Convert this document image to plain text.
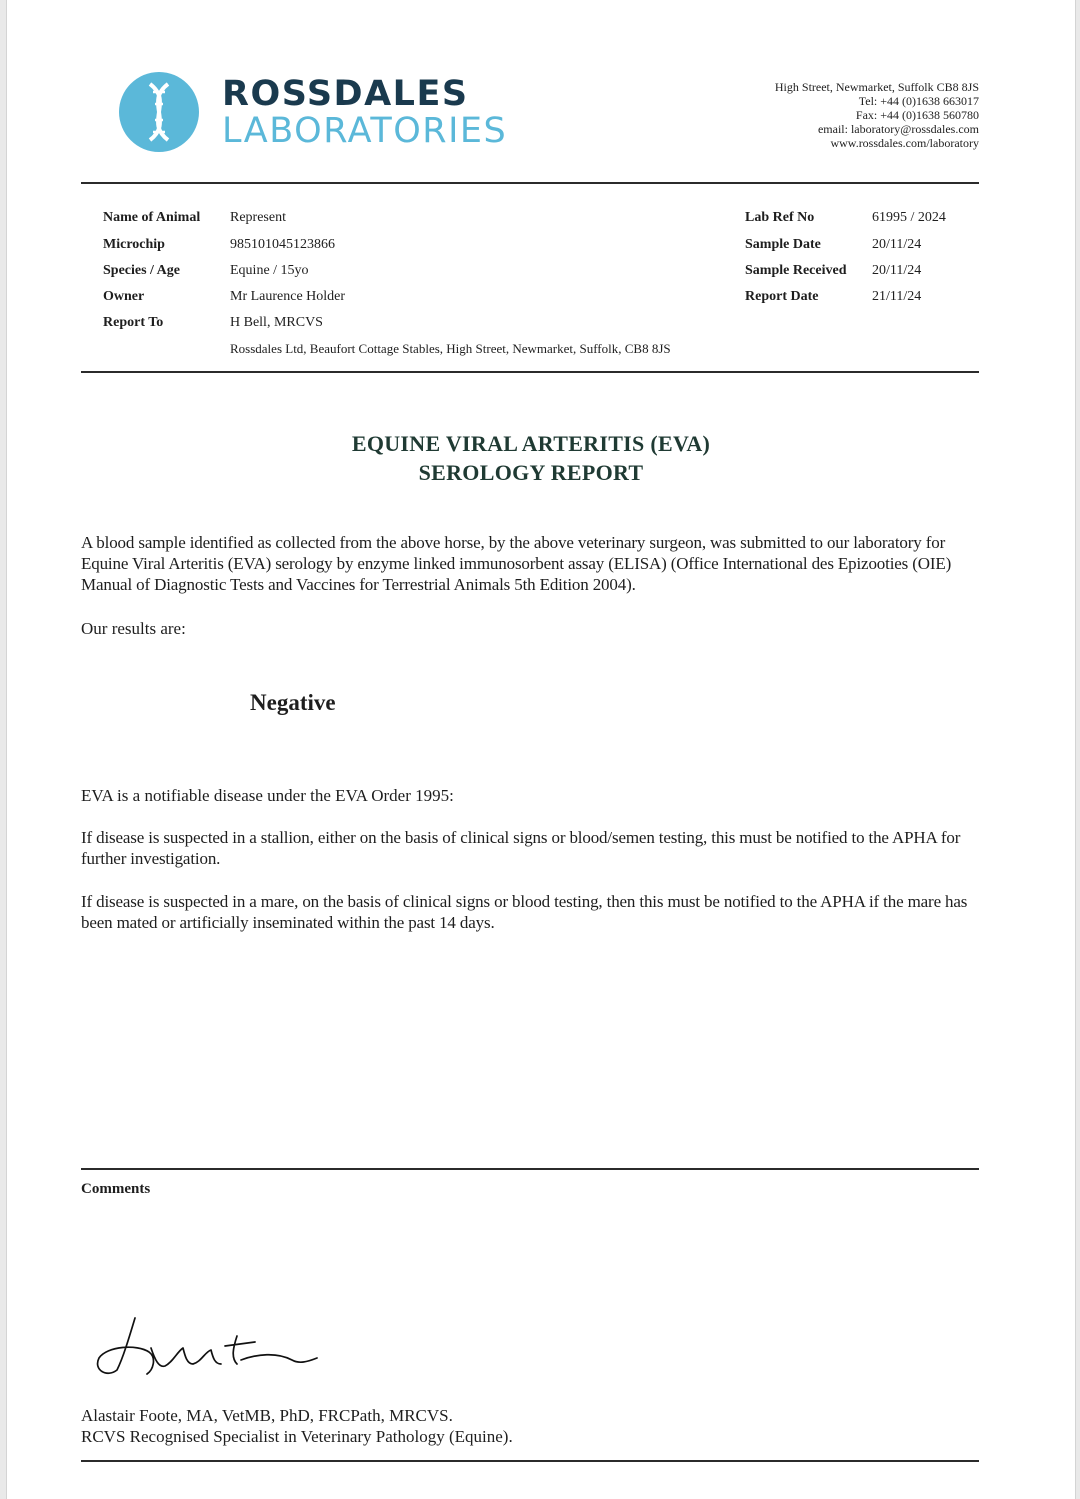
ROSSDALES
LABORATORIES
High Street, Newmarket, Suffolk CB8 8JS
Tel: +44 (0)1638 663017
Fax: +44 (0)1638 560780
email: laboratory@rossdales.com
www.rossdales.com/laboratory
Name of Animal Represent
Microchip	985101045123866
Species / Age	Equine / 15yo
Owner	Mr Laurence Holder
Report To	H Bell, MRCVS
Rossdales Ltd, Beaufort Cottage Stables, High Street, Newmarket, Suffolk, CB8 8JS
Lab Ref No	61995 / 2024
Sample Date	20/11/24
Sample Received 20/11/24
Report Date	21/11/24
EQUINE VIRAL ARTERITIS (EVA)
SEROLOGY REPORT
A blood sample identified as collected from the above horse, by the above veterinary surgeon, was submitted to our laboratory for Equine Viral Arteritis (EVA) serology by enzyme linked immunosorbent assay (ELISA) (Office International des Epizooties (OIE) Manual of Diagnostic Tests and Vaccines for Terrestrial Animals 5th Edition 2004).
Our results are:
Negative
EVA is a notifiable disease under the EVA Order 1995:
If disease is suspected in a stallion, either on the basis of clinical signs or blood/semen testing, this must be notified to the APHA for further investigation.
If disease is suspected in a mare, on the basis of clinical signs or blood testing, then this must be notified to the APHA if the mare has been mated or artificially inseminated within the past 14 days.
Comments
Alastair Foote, MA, VetMB, PhD, FRCPath, MRCVS.
RCVS Recognised Specialist in Veterinary Pathology (Equine).
